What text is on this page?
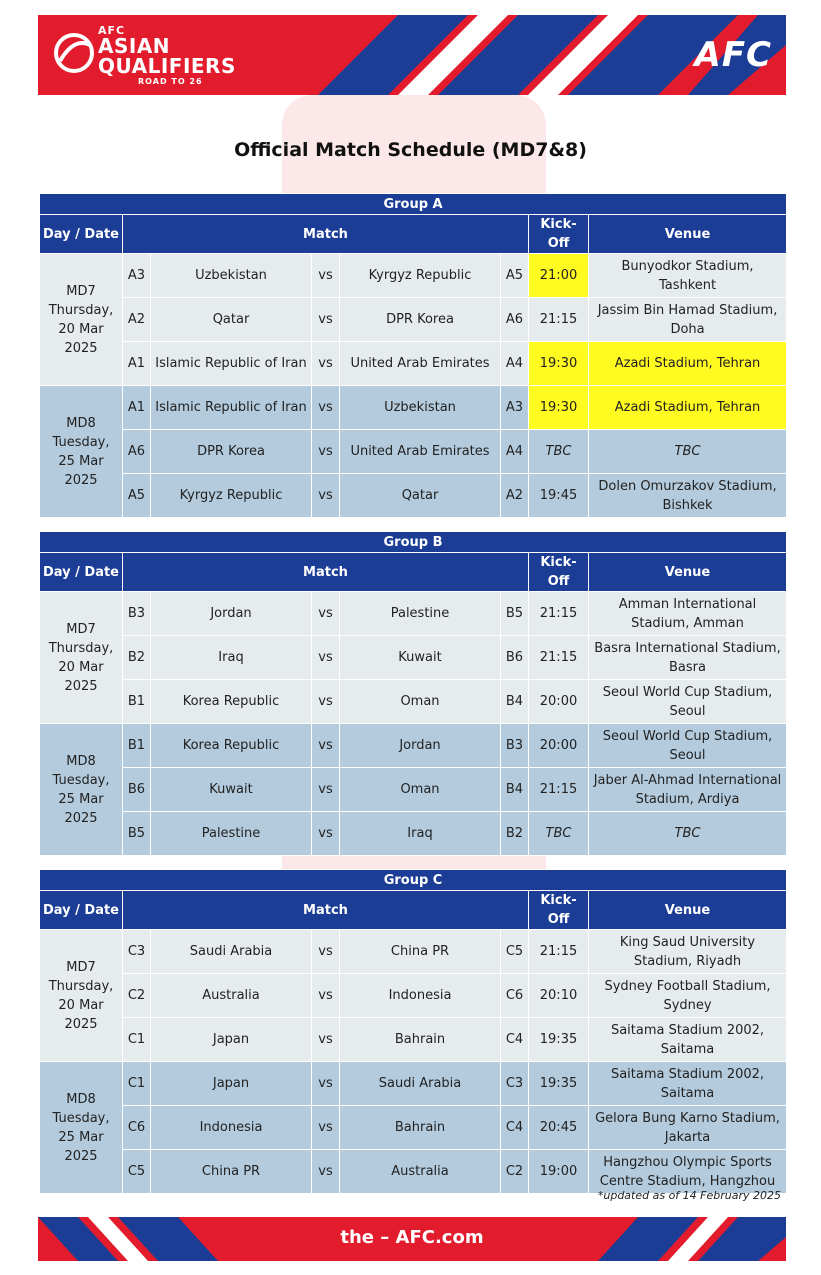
AFC
ASIAN
QUALIFIERS
ROAD TO 26
AFC
Official Match Schedule (MD7&8)
Group A							
Day / Date	Match					Kick-Off	Venue

MD7
Thursday,
20 Mar 2025	A3	Uzbekistan	vs	Kyrgyz Republic	A5	21:00	Bunyodkor Stadium, Tashkent
	A2	Qatar	vs	DPR Korea	A6	21:15	Jassim Bin Hamad Stadium, Doha
	A1	Islamic Republic of Iran	vs	United Arab Emirates	A4	19:30	Azadi Stadium, Tehran

MD8
Tuesday,
25 Mar 2025	A1	Islamic Republic of Iran	vs	Uzbekistan	A3	19:30	Azadi Stadium, Tehran
	A6	DPR Korea	vs	United Arab Emirates	A4	TBC	TBC
	A5	Kyrgyz Republic	vs	Qatar	A2	19:45	Dolen Omurzakov Stadium, Bishkek
Group B							
Day / Date	Match					Kick-Off	Venue

MD7
Thursday,
20 Mar 2025	B3	Jordan	vs	Palestine	B5	21:15	Amman International Stadium, Amman
	B2	Iraq	vs	Kuwait	B6	21:15	Basra International Stadium, Basra
	B1	Korea Republic	vs	Oman	B4	20:00	Seoul World Cup Stadium, Seoul

MD8
Tuesday,
25 Mar 2025	B1	Korea Republic	vs	Jordan	B3	20:00	Seoul World Cup Stadium, Seoul
	B6	Kuwait	vs	Oman	B4	21:15	Jaber Al-Ahmad International Stadium, Ardiya
	B5	Palestine	vs	Iraq	B2	TBC	TBC
Group C							
Day / Date	Match					Kick-Off	Venue

MD7
Thursday,
20 Mar 2025	C3	Saudi Arabia	vs	China PR	C5	21:15	King Saud University Stadium, Riyadh
	C2	Australia	vs	Indonesia	C6	20:10	Sydney Football Stadium, Sydney
	C1	Japan	vs	Bahrain	C4	19:35	Saitama Stadium 2002, Saitama

MD8
Tuesday,
25 Mar 2025	C1	Japan	vs	Saudi Arabia	C3	19:35	Saitama Stadium 2002, Saitama
	C6	Indonesia	vs	Bahrain	C4	20:45	Gelora Bung Karno Stadium, Jakarta
	C5	China PR	vs	Australia	C2	19:00	Hangzhou Olympic Sports Centre Stadium, Hangzhou
*updated as of 14 February 2025
the – AFC.com
